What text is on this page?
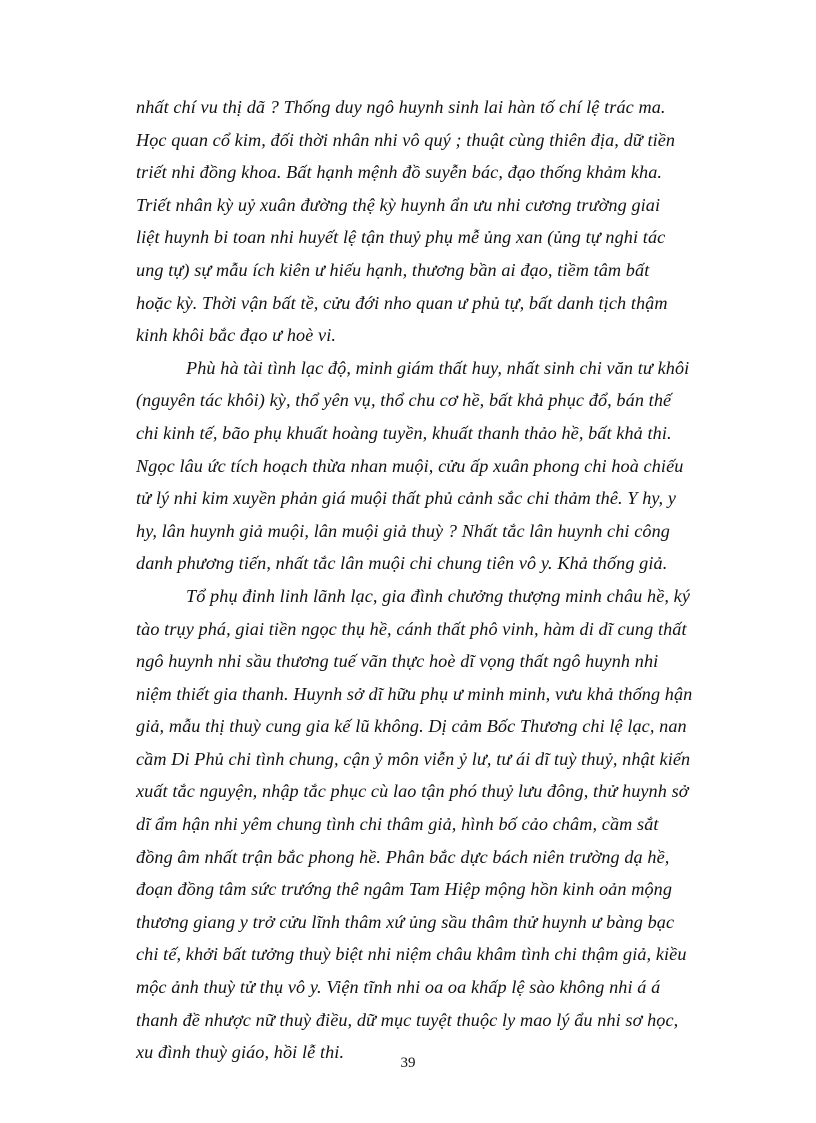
nhất chí vu thị dã ? Thống duy ngô huynh sinh lai hàn tố chí lệ trác ma.
Học quan cổ kim, đối thời nhân nhi vô quý ; thuật cùng thiên địa, dữ tiền
triết nhi đồng khoa. Bất hạnh mệnh đồ suyễn bác, đạo thống khảm kha.
Triết nhân kỳ uỷ xuân đường thệ kỳ huynh ẩn ưu nhi cương trường giai
liệt huynh bi toan nhi huyết lệ tận thuỷ phụ mễ ủng xan (ủng tự nghi tác
ung tự) sự mẫu ích kiên ư hiếu hạnh, thương bần ai đạo, tiềm tâm bất
hoặc kỳ. Thời vận bất tề, cửu đới nho quan ư phủ tự, bất danh tịch thậm
kinh khôi bắc đạo ư hoè vi.

Phù hà tài tình lạc độ, minh giám thất huy, nhất sinh chi văn tư khôi
(nguyên tác khôi) kỳ, thổ yên vụ, thổ chu cơ hề, bất khả phục đổ, bán thế
chi kinh tế, bão phụ khuất hoàng tuyền, khuất thanh thảo hề, bất khả thi.
Ngọc lâu ức tích hoạch thừa nhan muội, cửu ấp xuân phong chi hoà chiếu
tử lý nhi kim xuyền phản giá muội thất phủ cảnh sắc chi thảm thê. Y hy, y
hy, lân huynh giả muội, lân muội giả thuỳ ? Nhất tắc lân huynh chi công
danh phương tiến, nhất tắc lân muội chi chung tiên vô y. Khả thống giả.

Tổ phụ đinh linh lãnh lạc, gia đình chưởng thượng minh châu hề, ký
tào trụy phá, giai tiền ngọc thụ hề, cánh thất phô vinh, hàm di dĩ cung thất
ngô huynh nhi sầu thương tuế vãn thực hoè dĩ vọng thất ngô huynh nhi
niệm thiết gia thanh. Huynh sở dĩ hữu phụ ư minh minh, vưu khả thống hận
giả, mẫu thị thuỳ cung gia kế lũ không. Dị cảm Bốc Thương chi lệ lạc, nan
cầm Di Phủ chi tình chung, cận ỷ môn viễn ỷ lư, tư ái dĩ tuỳ thuỷ, nhật kiến
xuất tắc nguyện, nhập tắc phục cù lao tận phó thuỷ lưu đông, thử huynh sở
dĩ ẩm hận nhi yêm chung tình chi thâm giả, hình bố cảo châm, cầm sắt
đồng âm nhất trận bắc phong hề. Phân bắc dực bách niên trường dạ hề,
đoạn đồng tâm sức trướng thê ngâm Tam Hiệp mộng hồn kinh oản mộng
thương giang y trở cửu lĩnh thâm xứ ủng sầu thâm thử huynh ư bàng bạc
chi tế, khởi bất tưởng thuỳ biệt nhi niệm châu khâm tình chi thậm giả, kiều
mộc ảnh thuỳ tử thụ vô y. Viện tĩnh nhi oa oa khấp lệ sào không nhi á á
thanh đề nhược nữ thuỳ điều, dữ mục tuyệt thuộc ly mao lý ẩu nhi sơ học,
xu đình thuỳ giáo, hồi lễ thi.

39
